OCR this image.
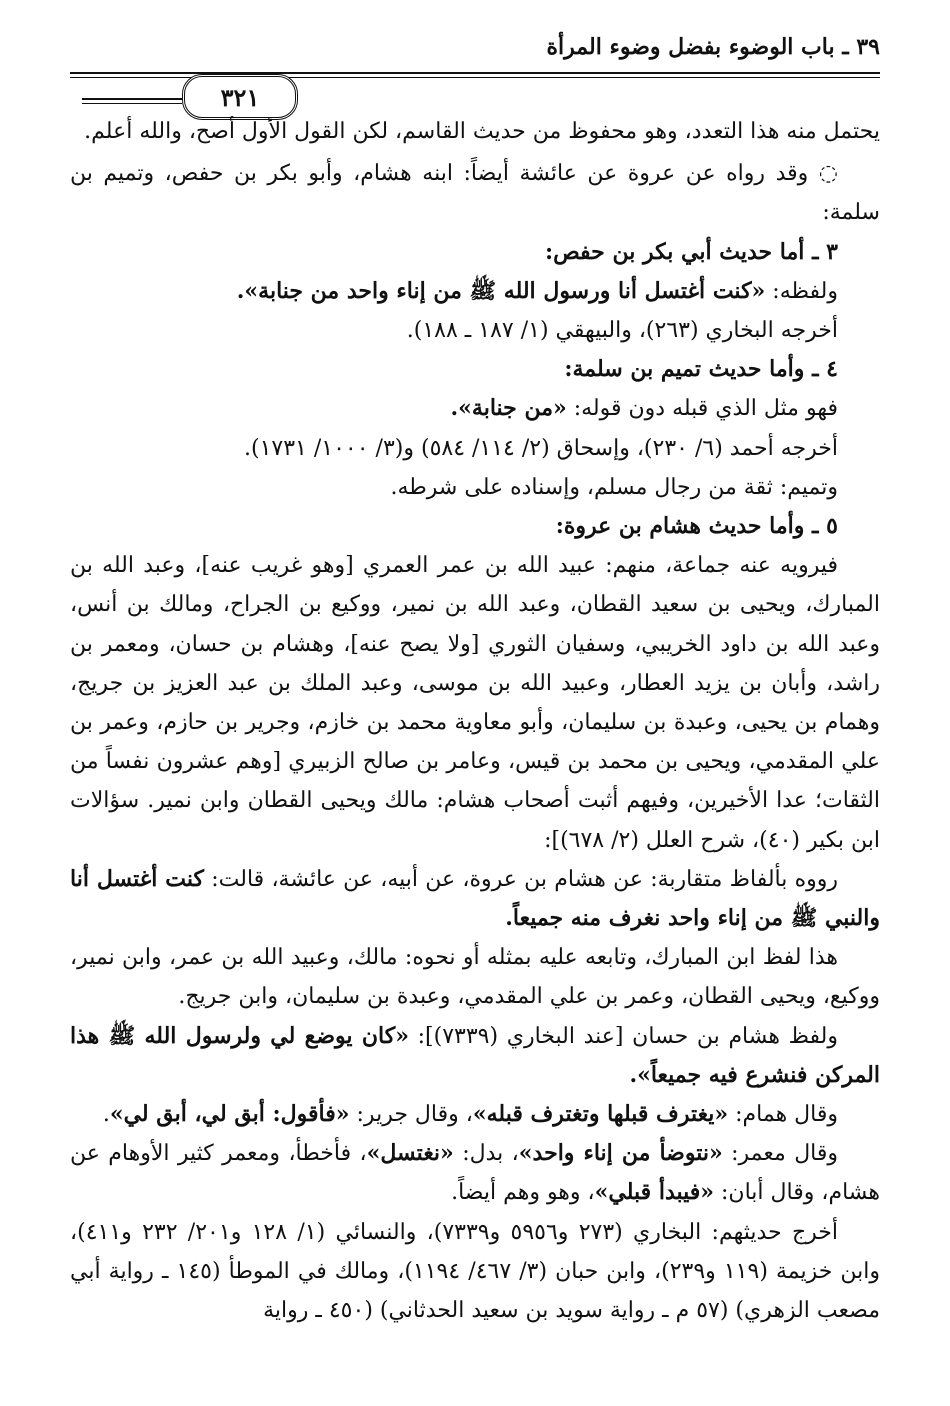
٣٩ ـ باب الوضوء بفضل وضوء المرأة
٣٢١

يحتمل منه هذا التعدد، وهو محفوظ من حديث القاسم، لكن القول الأول أصح، والله أعلم.

◌ وقد رواه عن عروة عن عائشة أيضاً: ابنه هشام، وأبو بكر بن حفص، وتميم بن سلمة:

٣ ـ أما حديث أبي بكر بن حفص:

ولفظه: «كنت أغتسل أنا ورسول الله ﷺ من إناء واحد من جنابة».

أخرجه البخاري (٢٦٣)، والبيهقي (١/ ١٨٧ ـ ١٨٨).

٤ ـ وأما حديث تميم بن سلمة:

فهو مثل الذي قبله دون قوله: «من جنابة».

أخرجه أحمد (٦/ ٢٣٠)، وإسحاق (٢/ ١١٤/ ٥٨٤) و(٣/ ١٠٠٠/ ١٧٣١).

وتميم: ثقة من رجال مسلم، وإسناده على شرطه.

٥ ـ وأما حديث هشام بن عروة:

فيرويه عنه جماعة، منهم: عبيد الله بن عمر العمري [وهو غريب عنه]، وعبد الله بن المبارك، ويحيى بن سعيد القطان، وعبد الله بن نمير، ووكيع بن الجراح، ومالك بن أنس، وعبد الله بن داود الخريبي، وسفيان الثوري [ولا يصح عنه]، وهشام بن حسان، ومعمر بن راشد، وأبان بن يزيد العطار، وعبيد الله بن موسى، وعبد الملك بن عبد العزيز بن جريج، وهمام بن يحيى، وعبدة بن سليمان، وأبو معاوية محمد بن خازم، وجرير بن حازم، وعمر بن علي المقدمي، ويحيى بن محمد بن قيس، وعامر بن صالح الزبيري [وهم عشرون نفساً من الثقات؛ عدا الأخيرين، وفيهم أثبت أصحاب هشام: مالك ويحيى القطان وابن نمير. سؤالات ابن بكير (٤٠)، شرح العلل (٢/ ٦٧٨)]:

رووه بألفاظ متقاربة: عن هشام بن عروة، عن أبيه، عن عائشة، قالت: كنت أغتسل أنا والنبي ﷺ من إناء واحد نغرف منه جميعاً.

هذا لفظ ابن المبارك، وتابعه عليه بمثله أو نحوه: مالك، وعبيد الله بن عمر، وابن نمير، ووكيع، ويحيى القطان، وعمر بن علي المقدمي، وعبدة بن سليمان، وابن جريج.

ولفظ هشام بن حسان [عند البخاري (٧٣٣٩)]: «كان يوضع لي ولرسول الله ﷺ هذا المركن فنشرع فيه جميعاً».

وقال همام: «يغترف قبلها وتغترف قبله»، وقال جرير: «فأقول: أبق لي، أبق لي».

وقال معمر: «نتوضأ من إناء واحد»، بدل: «نغتسل»، فأخطأ، ومعمر كثير الأوهام عن هشام، وقال أبان: «فيبدأ قبلي»، وهو وهم أيضاً.

أخرج حديثهم: البخاري (٢٧٣ و٥٩٥٦ و٧٣٣٩)، والنسائي (١/ ١٢٨ و٢٠١/ ٢٣٢ و٤١١)، وابن خزيمة (١١٩ و٢٣٩)، وابن حبان (٣/ ٤٦٧/ ١١٩٤)، ومالك في الموطأ (١٤٥ ـ رواية أبي مصعب الزهري) (٥٧ م ـ رواية سويد بن سعيد الحدثاني) (٤٥٠ ـ رواية
